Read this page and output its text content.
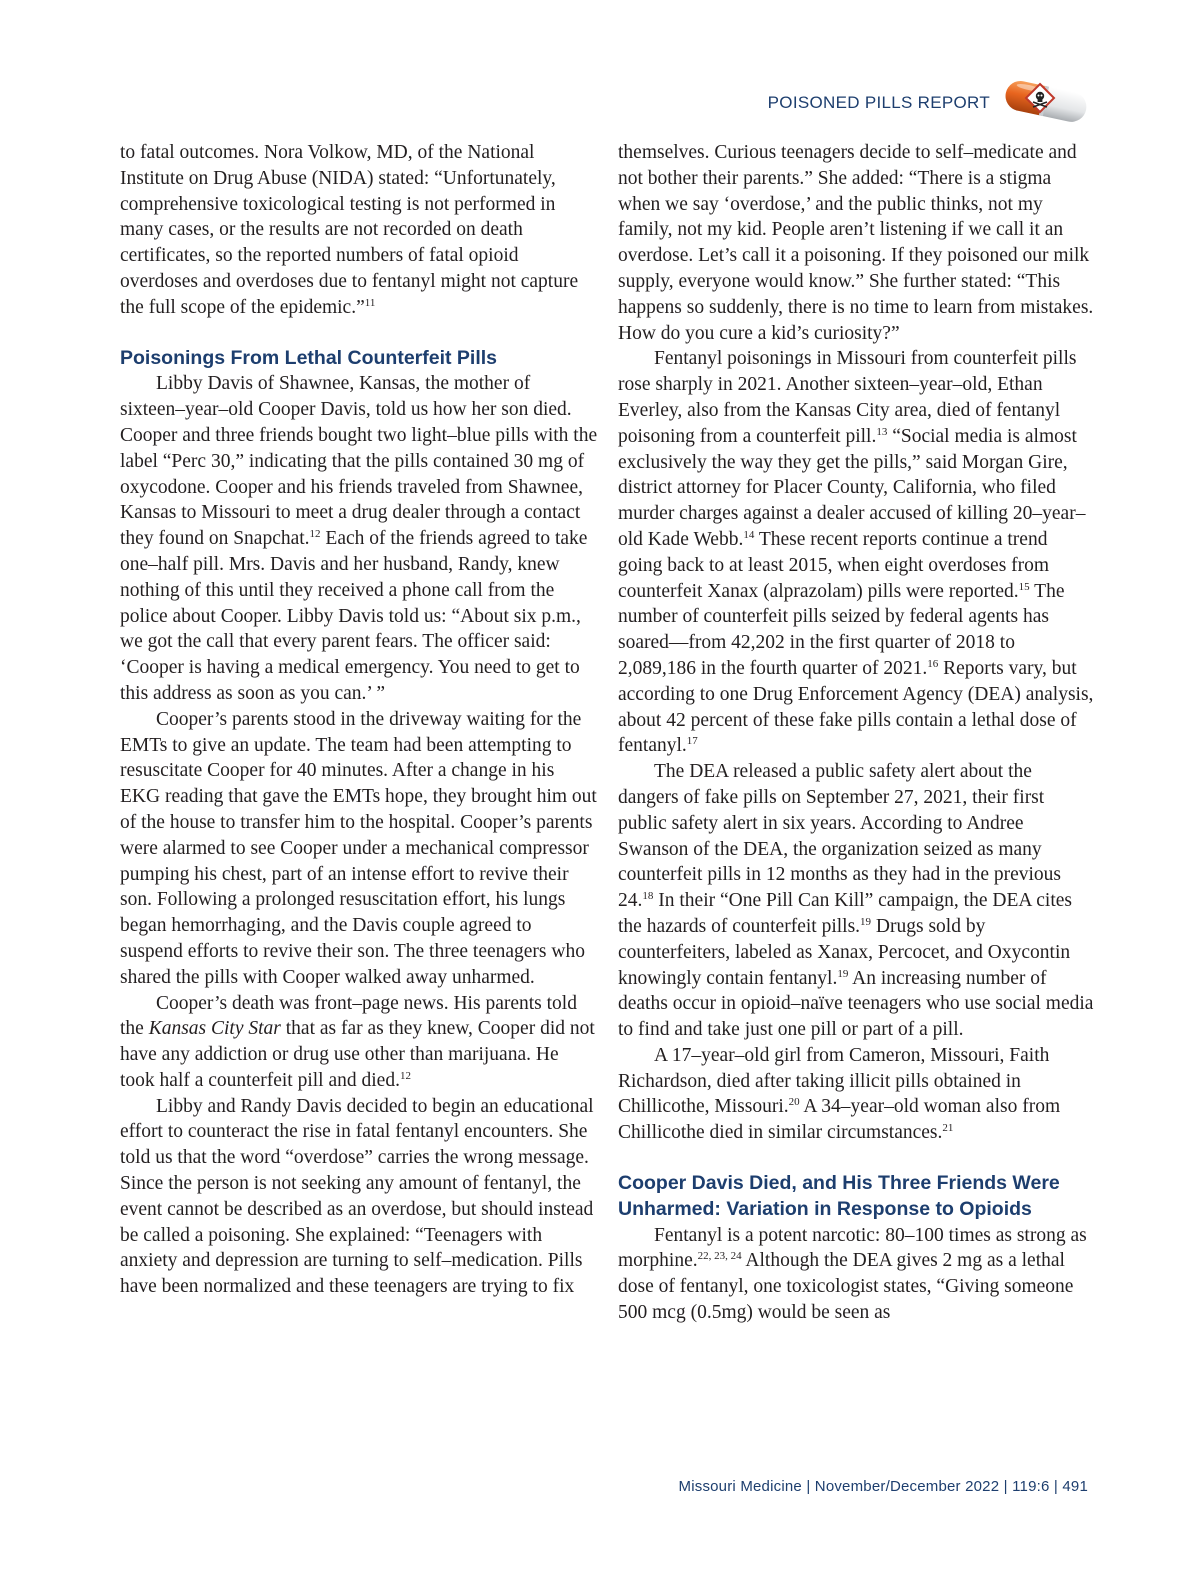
POISONED PILLS REPORT

to fatal outcomes. Nora Volkow, MD, of the National Institute on Drug Abuse (NIDA) stated: “Unfortunately, comprehensive toxicological testing is not performed in many cases, or the results are not recorded on death certificates, so the reported numbers of fatal opioid overdoses and overdoses due to fentanyl might not capture the full scope of the epidemic.”$^{11}$

Poisonings From Lethal Counterfeit Pills

Libby Davis of Shawnee, Kansas, the mother of sixteen–year–old Cooper Davis, told us how her son died. Cooper and three friends bought two light–blue pills with the label “Perc 30,” indicating that the pills contained 30 mg of oxycodone. Cooper and his friends traveled from Shawnee, Kansas to Missouri to meet a drug dealer through a contact they found on Snapchat.$^{12}$ Each of the friends agreed to take one–half pill. Mrs. Davis and her husband, Randy, knew nothing of this until they received a phone call from the police about Cooper. Libby Davis told us: “About six p.m., we got the call that every parent fears. The officer said: ‘Cooper is having a medical emergency. You need to get to this address as soon as you can.’ ”

Cooper’s parents stood in the driveway waiting for the EMTs to give an update. The team had been attempting to resuscitate Cooper for 40 minutes. After a change in his EKG reading that gave the EMTs hope, they brought him out of the house to transfer him to the hospital. Cooper’s parents were alarmed to see Cooper under a mechanical compressor pumping his chest, part of an intense effort to revive their son. Following a prolonged resuscitation effort, his lungs began hemorrhaging, and the Davis couple agreed to suspend efforts to revive their son. The three teenagers who shared the pills with Cooper walked away unharmed.

Cooper’s death was front–page news. His parents told the Kansas City Star that as far as they knew, Cooper did not have any addiction or drug use other than marijuana. He took half a counterfeit pill and died.$^{12}$

Libby and Randy Davis decided to begin an educational effort to counteract the rise in fatal fentanyl encounters. She told us that the word “overdose” carries the wrong message. Since the person is not seeking any amount of fentanyl, the event cannot be described as an overdose, but should instead be called a poisoning. She explained: “Teenagers with anxiety and depression are turning to self–medication. Pills have been normalized and these teenagers are trying to fix

themselves. Curious teenagers decide to self–medicate and not bother their parents.” She added: “There is a stigma when we say ‘overdose,’ and the public thinks, not my family, not my kid. People aren’t listening if we call it an overdose. Let’s call it a poisoning. If they poisoned our milk supply, everyone would know.” She further stated: “This happens so suddenly, there is no time to learn from mistakes. How do you cure a kid’s curiosity?”

Fentanyl poisonings in Missouri from counterfeit pills rose sharply in 2021. Another sixteen–year–old, Ethan Everley, also from the Kansas City area, died of fentanyl poisoning from a counterfeit pill.$^{13}$ “Social media is almost exclusively the way they get the pills,” said Morgan Gire, district attorney for Placer County, California, who filed murder charges against a dealer accused of killing 20–year–old Kade Webb.$^{14}$ These recent reports continue a trend going back to at least 2015, when eight overdoses from counterfeit Xanax (alprazolam) pills were reported.$^{15}$ The number of counterfeit pills seized by federal agents has soared—from 42,202 in the first quarter of 2018 to 2,089,186 in the fourth quarter of 2021.16 Reports vary, but according to one Drug Enforcement Agency (DEA) analysis, about 42 percent of these fake pills contain a lethal dose of fentanyl.$^{17}$

The DEA released a public safety alert about the dangers of fake pills on September 27, 2021, their first public safety alert in six years. According to Andree Swanson of the DEA, the organization seized as many counterfeit pills in 12 months as they had in the previous 24.18 In their “One Pill Can Kill” campaign, the DEA cites the hazards of counterfeit pills.$^{19}$ Drugs sold by counterfeiters, labeled as Xanax, Percocet, and Oxycontin knowingly contain fentanyl.$^{19}$ An increasing number of deaths occur in opioid–naïve teenagers who use social media to find and take just one pill or part of a pill.

A 17–year–old girl from Cameron, Missouri, Faith Richardson, died after taking illicit pills obtained in Chillicothe, Missouri.$^{20}$ A 34–year–old woman also from Chillicothe died in similar circumstances.$^{21}$

Cooper Davis Died, and His Three Friends Were Unharmed: Variation in Response to Opioids

Fentanyl is a potent narcotic: 80–100 times as strong as morphine.$^{22, 23, 24}$ Although the DEA gives 2 mg as a lethal dose of fentanyl, one toxicologist states, “Giving someone 500 mcg (0.5mg) would be seen as

Missouri Medicine | November/December 2022 | 119:6 | 491
